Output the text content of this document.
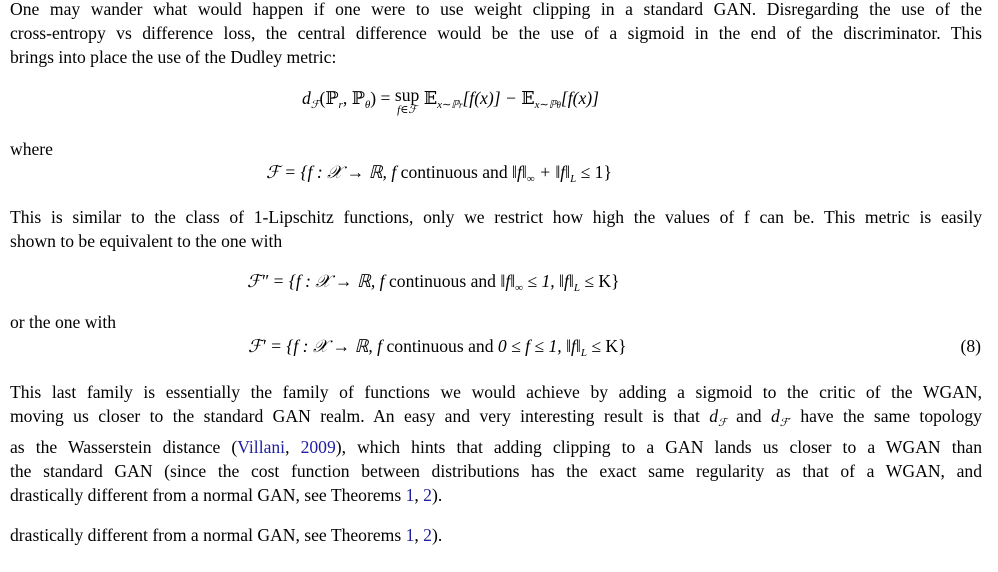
One may wander what would happen if one were to use weight clipping in a standard GAN. Disregarding the use of the
cross-entropy vs difference loss, the central difference would be the use of a sigmoid in the end of the discriminator. This
brings into place the use of the Dudley metric:
$d_ℱ(ℙ_r$, ℙ$_\theta$) = sup
f∈ℱ
𝔼$_{x\sim ℙr}$[f(x)] − 𝔼$_{x\sim ℙ\theta}$[f(x)]
where
ℱ = {f : 𝒳 → ℝ, f continuous and $‖f‖_\infty$ + $‖f‖_L \le 1$}
This is similar to the class of 1-Lipschitz functions, only we restrict how high the values of f can be. This metric is easily
shown to be equivalent to the one with
ℱ″ = {f : 𝒳 → ℝ, f continuous and $‖f‖_\infty \le 1$, $‖f‖_L \le K$}
or the one with
ℱ′ = {f : 𝒳 → ℝ, f continuous and 0 ≤ f ≤ 1, $‖f‖_L \le K$}	(8)
This last family is essentially the family of functions we would achieve by adding a sigmoid to the critic of the WGAN,
moving us closer to the standard GAN realm. An easy and very interesting result is that $d_ℱ$ and $d_{ℱ'}$ have the same topology
as the Wasserstein distance (Villani, 2009), which hints that adding clipping to a GAN lands us closer to a WGAN than
the standard GAN (since the cost function between distributions has the exact same regularity as that of a WGAN, and
drastically different from a normal GAN, see Theorems 1, 2).
drastically different from a normal GAN, see Theorems 1, 2).
